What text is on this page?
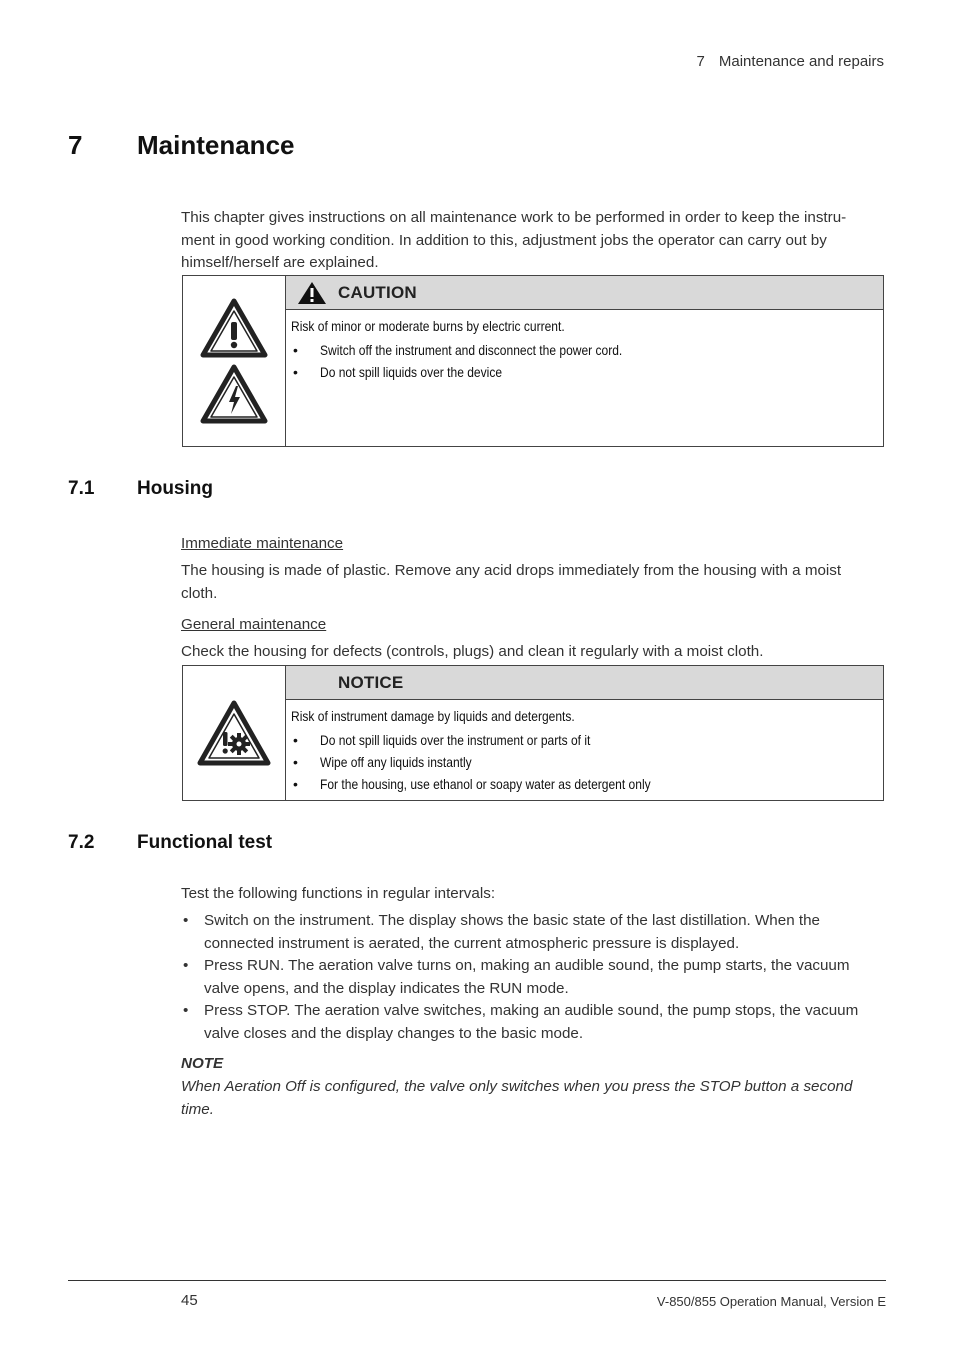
7 Maintenance and repairs
7 Maintenance
This chapter gives instructions on all maintenance work to be performed in order to keep the instru- ment in good working condition. In addition to this, adjustment jobs the operator can carry out by himself/herself are explained.
CAUTION
Risk of minor or moderate burns by electric current.
• Switch off the instrument and disconnect the power cord.
• Do not spill liquids over the device
7.1 Housing
Immediate maintenance
The housing is made of plastic. Remove any acid drops immediately from the housing with a moist cloth.
General maintenance
Check the housing for defects (controls, plugs) and clean it regularly with a moist cloth.
NOTICE
Risk of instrument damage by liquids and detergents.
• Do not spill liquids over the instrument or parts of it
• Wipe off any liquids instantly
• For the housing, use ethanol or soapy water as detergent only
7.2 Functional test
Test the following functions in regular intervals:
• Switch on the instrument. The display shows the basic state of the last distillation. When the connected instrument is aerated, the current atmospheric pressure is displayed.
• Press RUN. The aeration valve turns on, making an audible sound, the pump starts, the vacuum valve opens, and the display indicates the RUN mode.
• Press STOP. The aeration valve switches, making an audible sound, the pump stops, the vacuum valve closes and the display changes to the basic mode.
NOTE
When Aeration Off is configured, the valve only switches when you press the STOP button a second time.
45	V-850/855 Operation Manual, Version E
